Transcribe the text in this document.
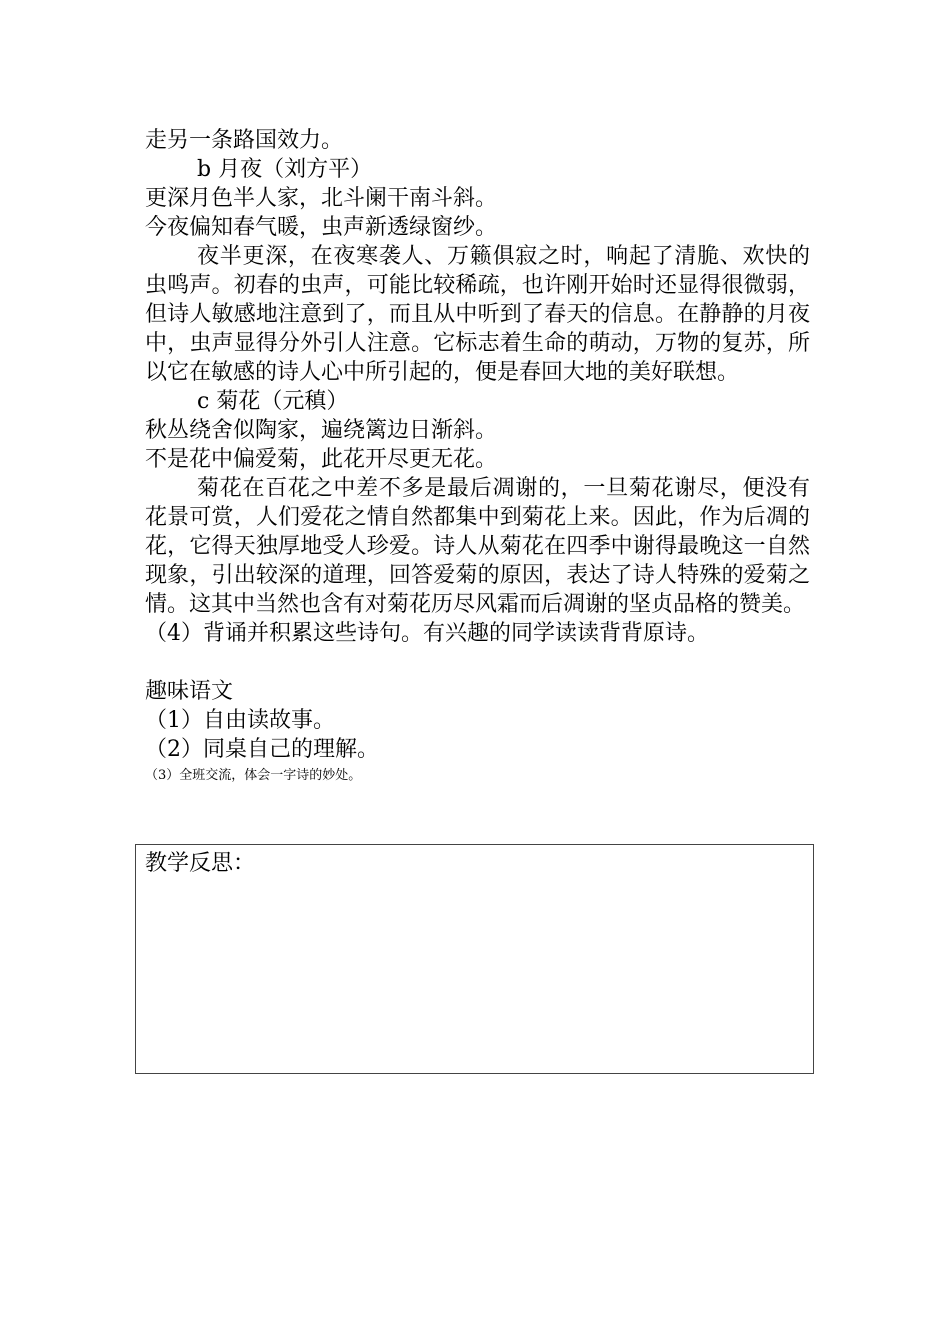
走另一条路国效力。
b 月夜（刘方平）
更深月色半人家，北斗阑干南斗斜。
今夜偏知春气暖，虫声新透绿窗纱。
夜半更深，在夜寒袭人、万籁俱寂之时，响起了清脆、欢快的虫鸣声。初春的虫声，可能比较稀疏，也许刚开始时还显得很微弱，但诗人敏感地注意到了，而且从中听到了春天的信息。在静静的月夜中，虫声显得分外引人注意。它标志着生命的萌动，万物的复苏，所以它在敏感的诗人心中所引起的，便是春回大地的美好联想。
c 菊花（元稹）
秋丛绕舍似陶家，遍绕篱边日渐斜。
不是花中偏爱菊，此花开尽更无花。
菊花在百花之中差不多是最后凋谢的，一旦菊花谢尽，便没有花景可赏，人们爱花之情自然都集中到菊花上来。因此，作为后凋的花，它得天独厚地受人珍爱。诗人从菊花在四季中谢得最晚这一自然现象，引出较深的道理，回答爱菊的原因，表达了诗人特殊的爱菊之情。这其中当然也含有对菊花历尽风霜而后凋谢的坚贞品格的赞美。
（4）背诵并积累这些诗句。有兴趣的同学读读背背原诗。
趣味语文
（1）自由读故事。
（2）同桌自己的理解。
（3）全班交流，体会一字诗的妙处。
教学反思：
